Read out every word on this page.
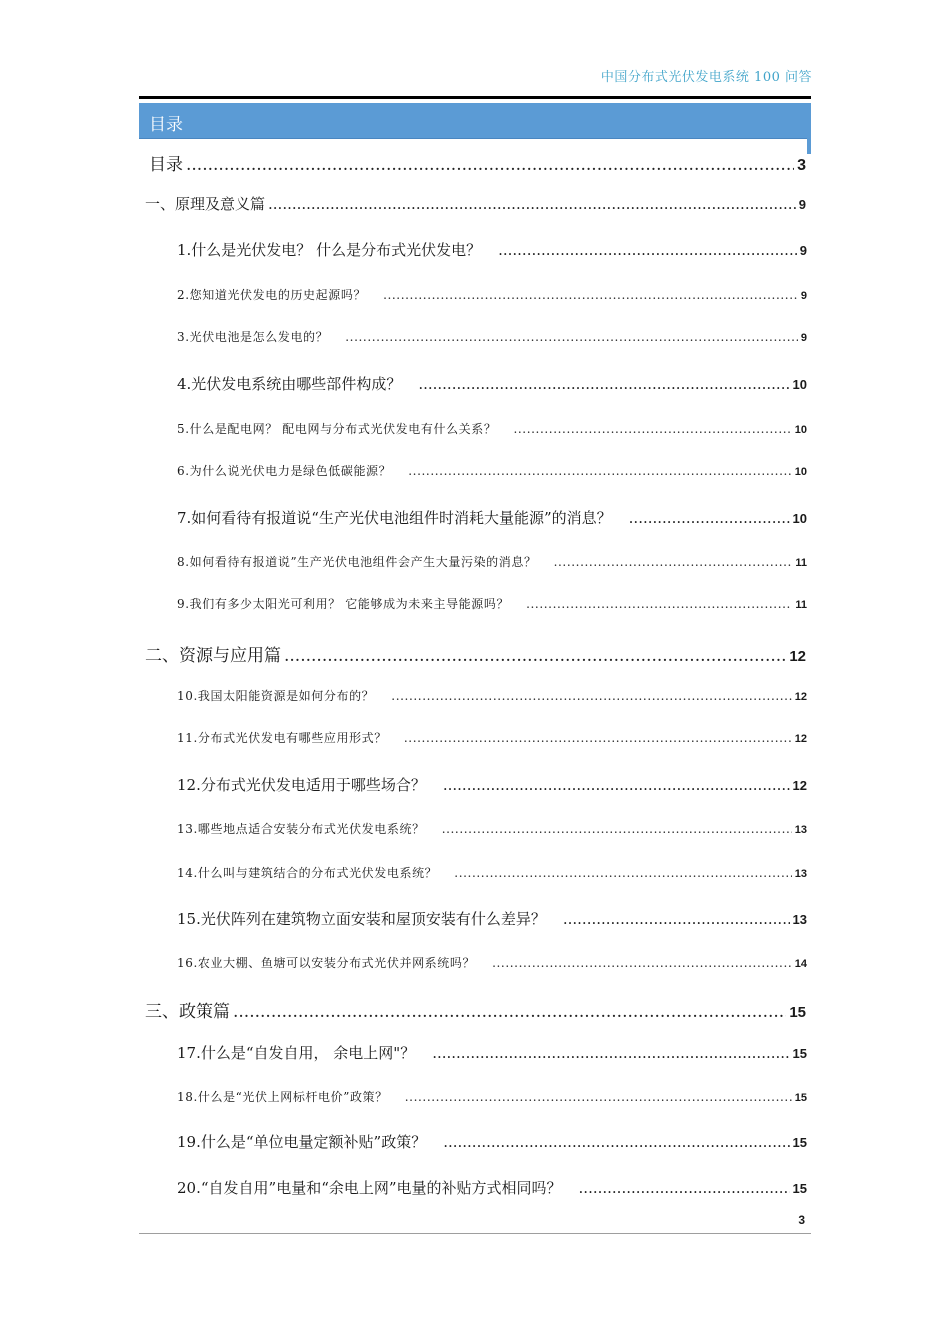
中国分布式光伏发电系统 100 问答
目录
目录 .....	3
一、原理及意义篇 .....	9
1.什么是光伏发电？ 什么是分布式光伏发电？ .....	9
2.您知道光伏发电的历史起源吗？ .....	9
3.光伏电池是怎么发电的？ .....	9
4.光伏发电系统由哪些部件构成？ .....	10
5.什么是配电网？ 配电网与分布式光伏发电有什么关系？ .....	10
6.为什么说光伏电力是绿色低碳能源？ .....	10
7.如何看待有报道说“生产光伏电池组件时消耗大量能源”的消息？ .....	10
8.如何看待有报道说”生产光伏电池组件会产生大量污染的消息？ .....	11
9.我们有多少太阳光可利用？ 它能够成为未来主导能源吗？ .....	11
二、资源与应用篇 .....	12
10.我国太阳能资源是如何分布的？ .....	12
11.分布式光伏发电有哪些应用形式？ .....	12
12.分布式光伏发电适用于哪些场合？ .....	12
13.哪些地点适合安装分布式光伏发电系统？ .....	13
14.什么叫与建筑结合的分布式光伏发电系统？ .....	13
15.光伏阵列在建筑物立面安装和屋顶安装有什么差异？ .....	13
16.农业大棚、鱼塘可以安装分布式光伏并网系统吗？ .....	14
三、政策篇 .....	15
17.什么是“自发自用， 余电上网"？ .....	15
18.什么是“光伏上网标杆电价”政策？ .....	15
19.什么是“单位电量定额补贴”政策？ .....	15
20.“自发自用”电量和“余电上网”电量的补贴方式相同吗？ .....	15
3
